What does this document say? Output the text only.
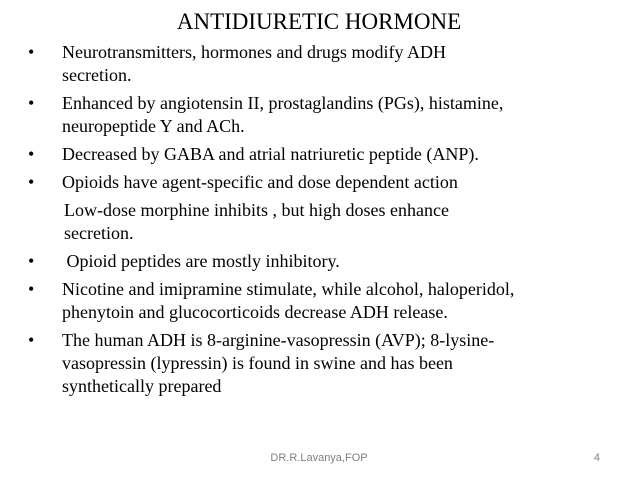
ANTIDIURETIC HORMONE
•	Neurotransmitters, hormones and drugs modify ADH
secretion.
•	Enhanced by angiotensin II, prostaglandins (PGs), histamine,
neuropeptide Y and ACh.
•	Decreased by GABA and atrial natriuretic peptide (ANP).
•	Opioids have agent-specific and dose dependent action
Low-dose morphine inhibits , but high doses enhance
secretion.
•	Opioid peptides are mostly inhibitory.
•	Nicotine and imipramine stimulate, while alcohol, haloperidol,
phenytoin and glucocorticoids decrease ADH release.
•	The human ADH is 8-arginine-vasopressin (AVP); 8-lysine-
vasopressin (lypressin) is found in swine and has been
synthetically prepared
DR.R.Lavanya,FOP	4
